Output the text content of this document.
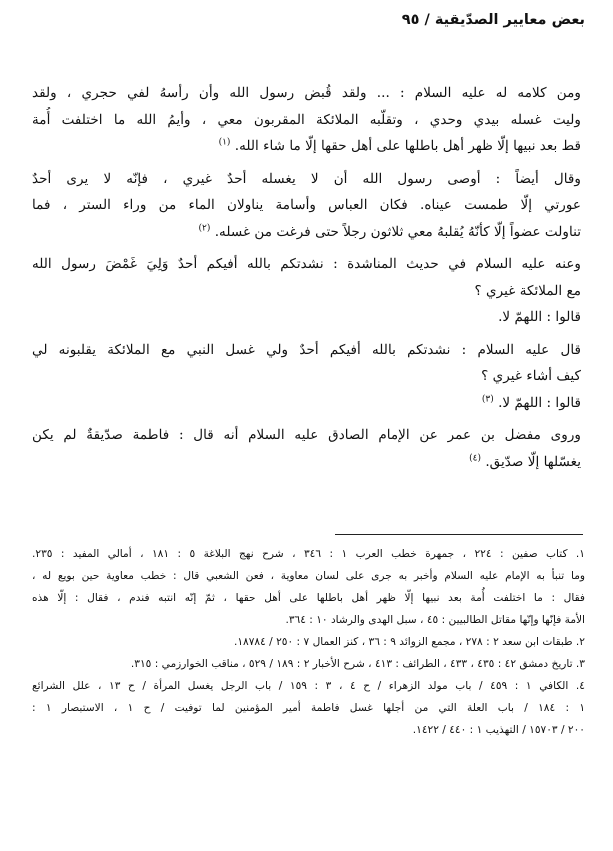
بعض معايير الصدّيقية / ٩٥
ومن كلامه له عليه السلام : ... ولقد قُبض رسول الله وأن رأسهُ لفي حجري ، ولقد
وليت غسله بيدي وحدي ، وتقلّبه الملائكة المقربون معي ، وأيمُ الله ما اختلفت أُمة
قط بعد نبيها إلّا ظهر أهل باطلها على أهل حقها إلّا ما شاء الله. $^{(١)}$
وقال أيضاً : أوصى رسول الله أن لا يغسله أحدٌ غيري ، فإنّه لا يرى أحدٌ
عورتي إلّا طمست عيناه. فكان العباس وأسامة يناولان الماء من وراء الستر ، فما
تناولت عضواً إلّا كأنّهُ يُقلبهُ معي ثلاثون رجلاً حتى فرغت من غسله. $^{(٢)}$
وعنه عليه السلام في حديث المناشدة : نشدتكم بالله أفيكم أحدٌ وَلِيَ غَمْضَ رسول الله
مع الملائكة غيري ؟
قالوا : اللهمّ لا.
قال عليه السلام : نشدتكم بالله أفيكم أحدٌ ولي غسل النبي مع الملائكة يقلبونه لي
كيف أشاء غيري ؟
قالوا : اللهمّ لا. $^{(٣)}$
وروى مفضل بن عمر عن الإمام الصادق عليه السلام أنه قال : فاطمة صدّيقةٌ لم يكن
يغسّلها إلّا صدّيق. $^{(٤)}$
١. كتاب صفين : ٢٢٤ ، جمهرة خطب العرب ١ : ٣٤٦ ، شرح نهج البلاغة ٥ : ١٨١ ، أمالي المفيد : ٢٣٥.
وما تنبأ به الإمام عليه السلام وأخبر به جرى على لسان معاوية ، فعن الشعبي قال : خطب معاوية حين بويع له ،
فقال : ما اختلفت أُمة بعد نبيها إلّا ظهر أهل باطلها على أهل حقها ، ثمّ إنّه انتبه فندم ، فقال : إلّا هذه
الأمة فإنّها وإنّها مقاتل الطالبيين : ٤٥ ، سبل الهدى والرشاد ١٠ : ٣٦٤.
٢. طبقات ابن سعد ٢ : ٢٧٨ ، مجمع الزوائد ٩ : ٣٦ ، كنز العمال ٧ : ٢٥٠ / ١٨٧٨٤.
٣. تاريخ دمشق ٤٢ : ٤٣٥ ، ٤٣٣ ، الطرائف : ٤١٣ ، شرح الأخبار ٢ : ١٨٩ / ٥٢٩ ، مناقب الخوارزمي : ٣١٥.
٤. الكافي ١ : ٤٥٩ / باب مولد الزهراء / ح ٤ ، ٣ : ١٥٩ / باب الرجل يغسل المرأة / ح ١٣ ، علل الشرائع
١ : ١٨٤ / باب العلة التي من أجلها غسل فاطمة أمير المؤمنين لما توفيت / ح ١ ، الاستبصار ١ :
٢٠٠ / ١٥٧٠٣ / التهذيب ١ : ٤٤٠ / ١٤٢٢.
